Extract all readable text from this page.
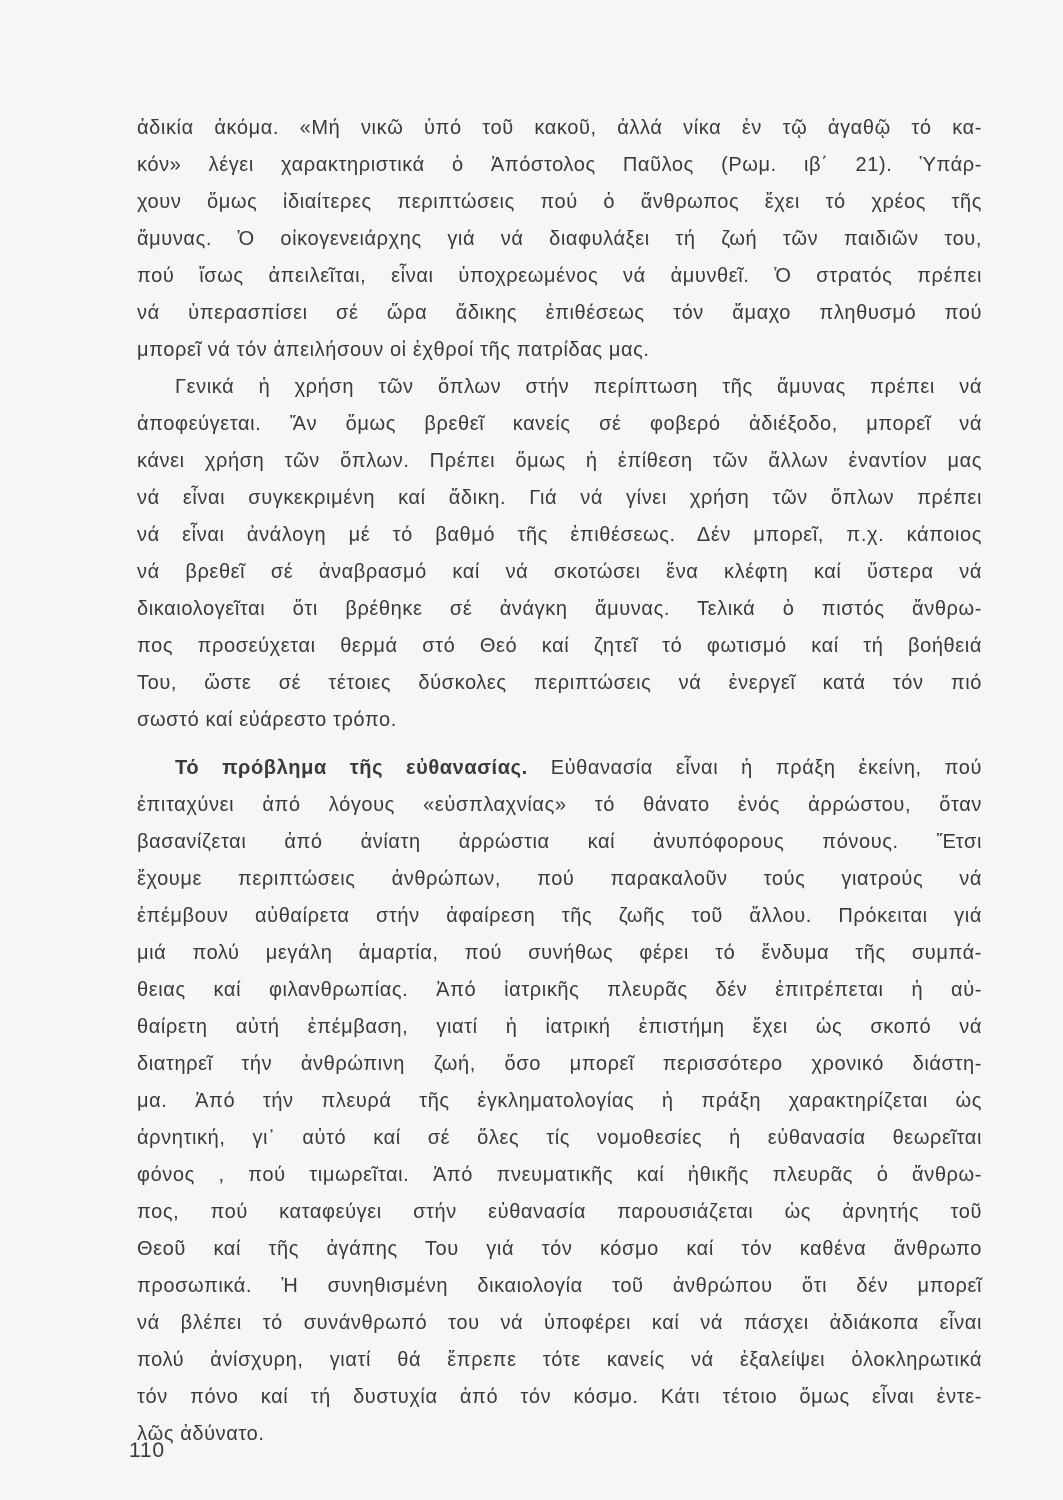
ἀδικία ἀκόμα. «Μή νικῶ ὑπό τοῦ κακοῦ, ἀλλά νίκα ἐν τῷ ἀγαθῷ τό κα-
κόν» λέγει χαρακτηριστικά ὁ Ἀπόστολος Παῦλος (Ρωμ. ιβ΄ 21). Ὑπάρ-
χουν ὅμως ἰδιαίτερες περιπτώσεις πού ὁ ἄνθρωπος ἔχει τό χρέος τῆς
ἄμυνας. Ὁ οἰκογενειάρχης γιά νά διαφυλάξει τή ζωή τῶν παιδιῶν του,
πού ἴσως ἀπειλεῖται, εἶναι ὑποχρεωμένος νά ἀμυνθεῖ. Ὁ στρατός πρέπει
νά ὑπερασπίσει σέ ὥρα ἄδικης ἐπιθέσεως τόν ἄμαχο πληθυσμό πού
μπορεῖ νά τόν ἀπειλήσουν οἱ ἐχθροί τῆς πατρίδας μας.
Γενικά ἡ χρήση τῶν ὅπλων στήν περίπτωση τῆς ἄμυνας πρέπει νά
ἀποφεύγεται. Ἄν ὅμως βρεθεῖ κανείς σέ φοβερό ἀδιέξοδο, μπορεῖ νά
κάνει χρήση τῶν ὅπλων. Πρέπει ὅμως ἡ ἐπίθεση τῶν ἄλλων ἐναντίον μας
νά εἶναι συγκεκριμένη καί ἄδικη. Γιά νά γίνει χρήση τῶν ὅπλων πρέπει
νά εἶναι ἀνάλογη μέ τό βαθμό τῆς ἐπιθέσεως. Δέν μπορεῖ, π.χ. κάποιος
νά βρεθεῖ σέ ἀναβρασμό καί νά σκοτώσει ἕνα κλέφτη καί ὕστερα νά
δικαιολογεῖται ὅτι βρέθηκε σέ ἀνάγκη ἄμυνας. Τελικά ὁ πιστός ἄνθρω-
πος προσεύχεται θερμά στό Θεό καί ζητεῖ τό φωτισμό καί τή βοήθειά
Του, ὥστε σέ τέτοιες δύσκολες περιπτώσεις νά ἐνεργεῖ κατά τόν πιό
σωστό καί εὐάρεστο τρόπο.
Τό πρόβλημα τῆς εὐθανασίας. Εὐθανασία εἶναι ἡ πράξη ἐκείνη, πού
ἐπιταχύνει ἀπό λόγους «εὐσπλαχνίας» τό θάνατο ἑνός ἀρρώστου, ὅταν
βασανίζεται ἀπό ἀνίατη ἀρρώστια καί ἀνυπόφορους πόνους. Ἔτσι
ἔχουμε περιπτώσεις ἀνθρώπων, πού παρακαλοῦν τούς γιατρούς νά
ἐπέμβουν αὐθαίρετα στήν ἀφαίρεση τῆς ζωῆς τοῦ ἄλλου. Πρόκειται γιά
μιά πολύ μεγάλη ἁμαρτία, πού συνήθως φέρει τό ἔνδυμα τῆς συμπά-
θειας καί φιλανθρωπίας. Ἀπό ἰατρικῆς πλευρᾶς δέν ἐπιτρέπεται ἡ αὐ-
θαίρετη αὐτή ἐπέμβαση, γιατί ἡ ἰατρική ἐπιστήμη ἔχει ὡς σκοπό νά
διατηρεῖ τήν ἀνθρώπινη ζωή, ὅσο μπορεῖ περισσότερο χρονικό διάστη-
μα. Ἀπό τήν πλευρά τῆς ἐγκληματολογίας ἡ πράξη χαρακτηρίζεται ὡς
ἀρνητική, γι᾽ αὐτό καί σέ ὅλες τίς νομοθεσίες ἡ εὐθανασία θεωρεῖται
φόνος , πού τιμωρεῖται. Ἀπό πνευματικῆς καί ἠθικῆς πλευρᾶς ὁ ἄνθρω-
πος, πού καταφεύγει στήν εὐθανασία παρουσιάζεται ὡς ἀρνητής τοῦ
Θεοῦ καί τῆς ἀγάπης Του γιά τόν κόσμο καί τόν καθένα ἄνθρωπο
προσωπικά. Ἡ συνηθισμένη δικαιολογία τοῦ ἀνθρώπου ὅτι δέν μπορεῖ
νά βλέπει τό συνάνθρωπό του νά ὑποφέρει καί νά πάσχει ἀδιάκοπα εἶναι
πολύ ἀνίσχυρη, γιατί θά ἔπρεπε τότε κανείς νά ἐξαλείψει ὁλοκληρωτικά
τόν πόνο καί τή δυστυχία ἀπό τόν κόσμο. Κάτι τέτοιο ὅμως εἶναι ἐντε-
λῶς ἀδύνατο.
110
